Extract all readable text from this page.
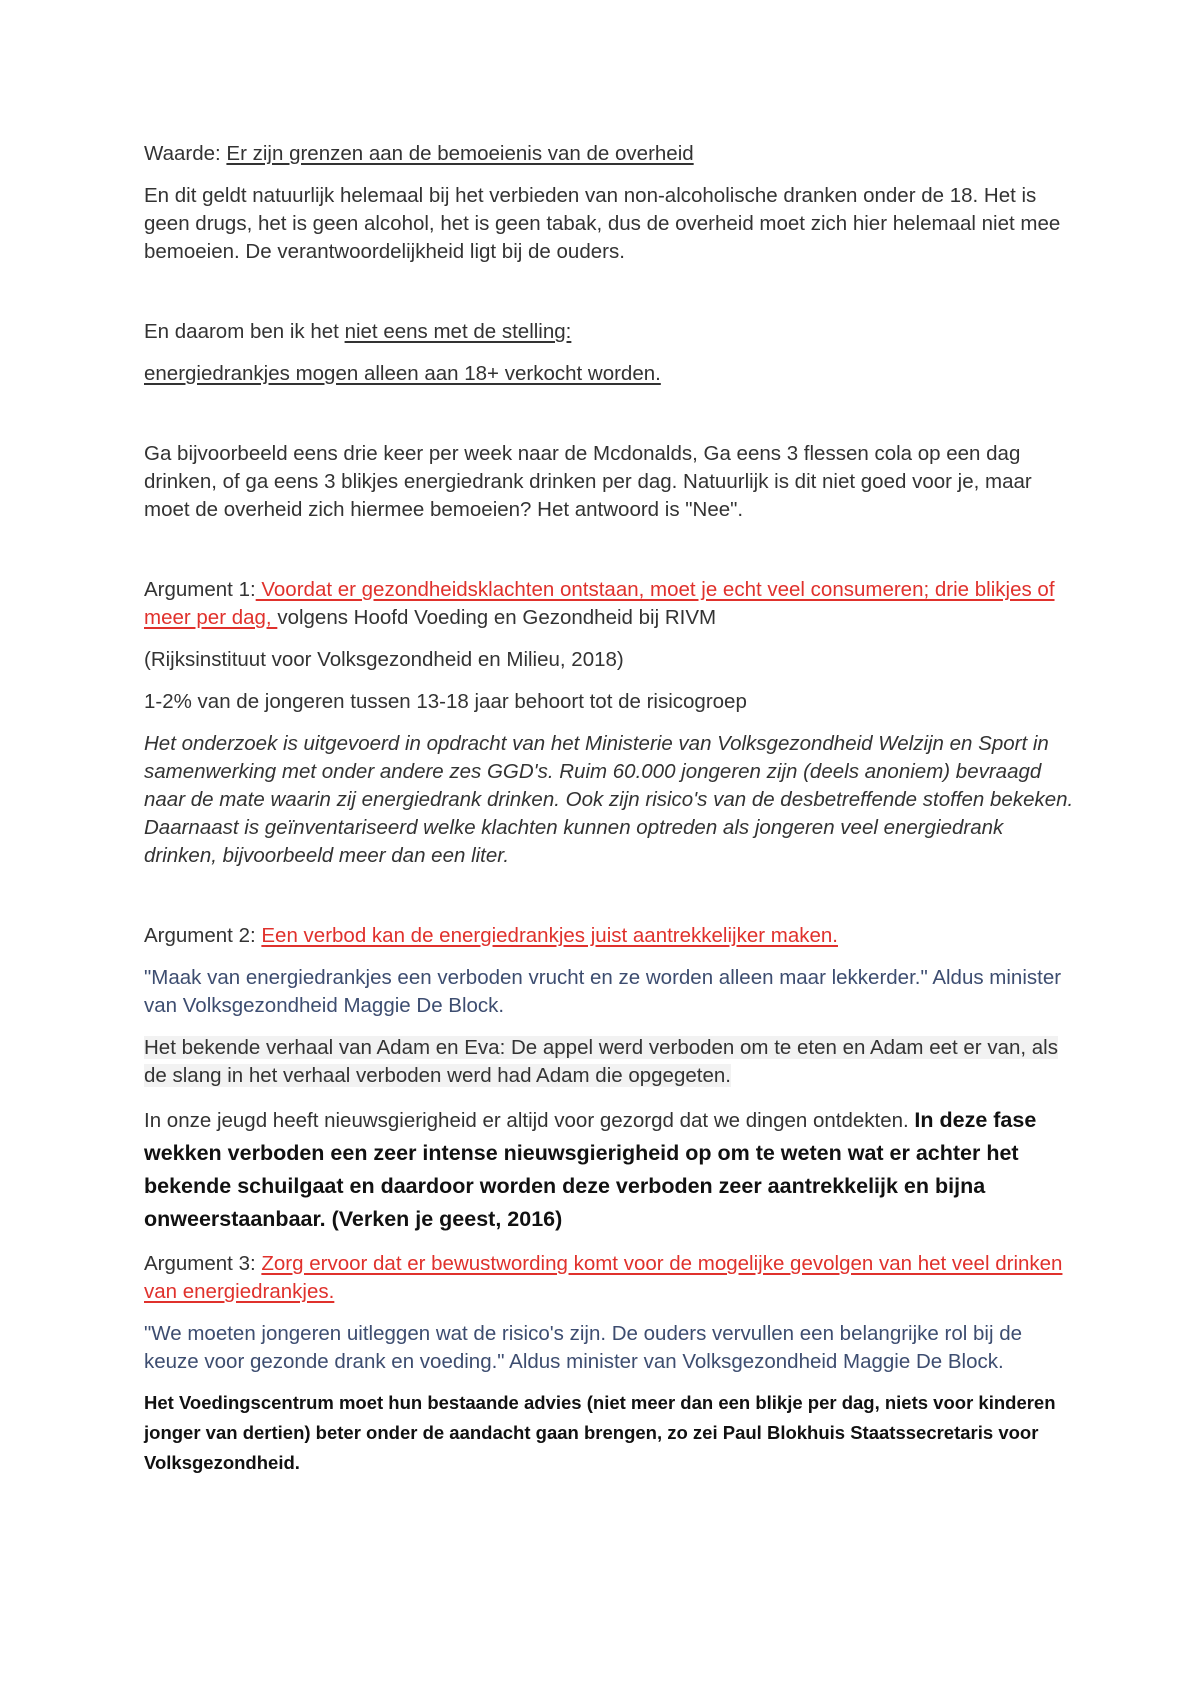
Waarde: Er zijn grenzen aan de bemoeienis van de overheid

En dit geldt natuurlijk helemaal bij het verbieden van non-alcoholische dranken onder de 18. Het is geen drugs, het is geen alcohol, het is geen tabak, dus de overheid moet zich hier helemaal niet mee bemoeien. De verantwoordelijkheid ligt bij de ouders.

En daarom ben ik het niet eens met de stelling:

energiedrankjes mogen alleen aan 18+ verkocht worden.

Ga bijvoorbeeld eens drie keer per week naar de Mcdonalds, Ga eens 3 flessen cola op een dag drinken, of ga eens 3 blikjes energiedrank drinken per dag. Natuurlijk is dit niet goed voor je, maar moet de overheid zich hiermee bemoeien? Het antwoord is "Nee".

Argument 1: Voordat er gezondheidsklachten ontstaan, moet je echt veel consumeren; drie blikjes of meer per dag, volgens Hoofd Voeding en Gezondheid bij RIVM

(Rijksinstituut voor Volksgezondheid en Milieu, 2018)

1-2% van de jongeren tussen 13-18 jaar behoort tot de risicogroep

Het onderzoek is uitgevoerd in opdracht van het Ministerie van Volksgezondheid Welzijn en Sport in samenwerking met onder andere zes GGD's. Ruim 60.000 jongeren zijn (deels anoniem) bevraagd naar de mate waarin zij energiedrank drinken. Ook zijn risico's van de desbetreffende stoffen bekeken. Daarnaast is geïnventariseerd welke klachten kunnen optreden als jongeren veel energiedrank drinken, bijvoorbeeld meer dan een liter.

Argument 2: Een verbod kan de energiedrankjes juist aantrekkelijker maken.

"Maak van energiedrankjes een verboden vrucht en ze worden alleen maar lekkerder." Aldus minister van Volksgezondheid Maggie De Block.

Het bekende verhaal van Adam en Eva: De appel werd verboden om te eten en Adam eet er van, als de slang in het verhaal verboden werd had Adam die opgegeten.

In onze jeugd heeft nieuwsgierigheid er altijd voor gezorgd dat we dingen ontdekten. In deze fase wekken verboden een zeer intense nieuwsgierigheid op om te weten wat er achter het bekende schuilgaat en daardoor worden deze verboden zeer aantrekkelijk en bijna onweerstaanbaar. (Verken je geest, 2016)

Argument 3: Zorg ervoor dat er bewustwording komt voor de mogelijke gevolgen van het veel drinken van energiedrankjes.

"We moeten jongeren uitleggen wat de risico's zijn. De ouders vervullen een belangrijke rol bij de keuze voor gezonde drank en voeding." Aldus minister van Volksgezondheid Maggie De Block.

Het Voedingscentrum moet hun bestaande advies (niet meer dan een blikje per dag, niets voor kinderen jonger van dertien) beter onder de aandacht gaan brengen, zo zei Paul Blokhuis Staatssecretaris voor Volksgezondheid.
